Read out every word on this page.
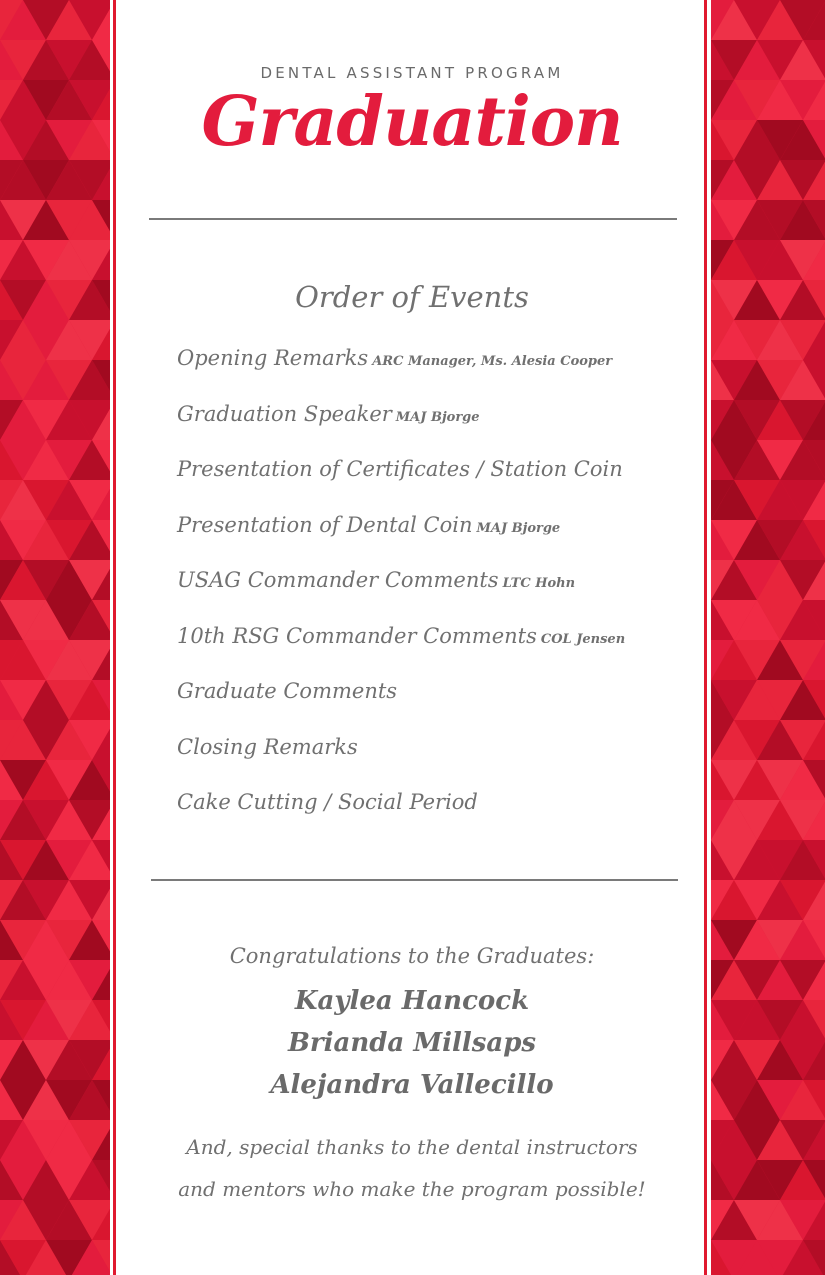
DENTAL ASSISTANT PROGRAM
Graduation
Order of Events
Opening Remarks ARC Manager, Ms. Alesia Cooper
Graduation Speaker MAJ Bjorge
Presentation of Certificates / Station Coin
Presentation of Dental Coin MAJ Bjorge
USAG Commander Comments LTC Hohn
10th RSG Commander Comments COL Jensen
Graduate Comments
Closing Remarks
Cake Cutting / Social Period
Congratulations to the Graduates:
Kaylea Hancock
Brianda Millsaps
Alejandra Vallecillo
And, special thanks to the dental instructors
and mentors who make the program possible!
